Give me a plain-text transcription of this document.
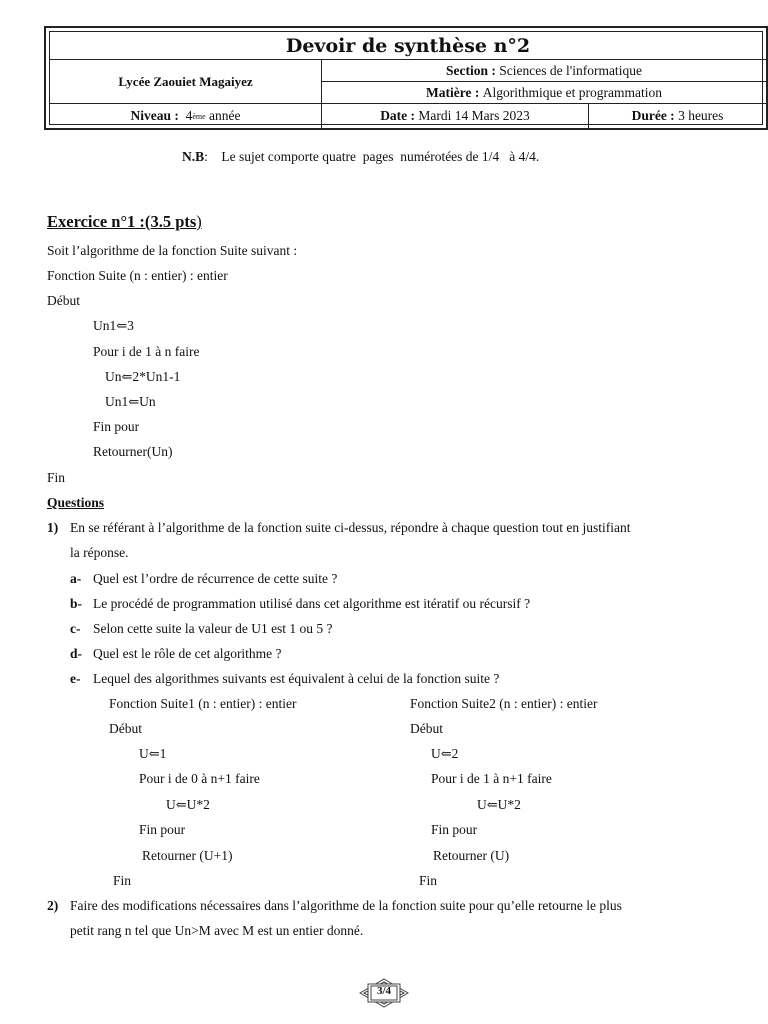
Devoir de synthèse n°2
Lycée Zaouiet Magaiyez
Section :
Sciences de l'informatique
Matière :
Algorithmique et programmation
Niveau :
4 ème
année	Date :
Mardi 14 Mars 2023	Durée :
3 heures
N.B:    Le sujet comporte quatre  pages  numérotées de 1/4   à 4/4.
Exercice n°1 :(3.5 pts)
Soit l’algorithme de la fonction Suite suivant :
Fonction Suite (n : entier) : entier
Début
Un1⇐3
Pour i de 1 à n faire
Un⇐2*Un1-1
Un1⇐Un
Fin pour
Retourner(Un)
Fin
Questions
1) En se référant à l’algorithme de la fonction suite ci-dessus, répondre à chaque question tout en justifiant
la réponse.
a- Quel est l’ordre de récurrence de cette suite ?
b- Le procédé de programmation utilisé dans cet algorithme est itératif ou récursif ?
c- Selon cette suite la valeur de U1 est 1 ou 5 ?
d- Quel est le rôle de cet algorithme ?
e- Lequel des algorithmes suivants est équivalent à celui de la fonction suite ?
Fonction Suite1 (n : entier) : entier
Début
U⇐1
Pour i de 0 à n+1 faire
U⇐U*2
Fin pour
Retourner (U+1)
Fin
Fonction Suite2 (n : entier) : entier
Début
U⇐2
Pour i de 1 à n+1 faire
U⇐U*2
Fin pour
Retourner (U)
Fin
2) Faire des modifications nécessaires dans l’algorithme de la fonction suite pour qu’elle retourne le plus
petit rang n tel que Un>M avec M est un entier donné.
3/4
